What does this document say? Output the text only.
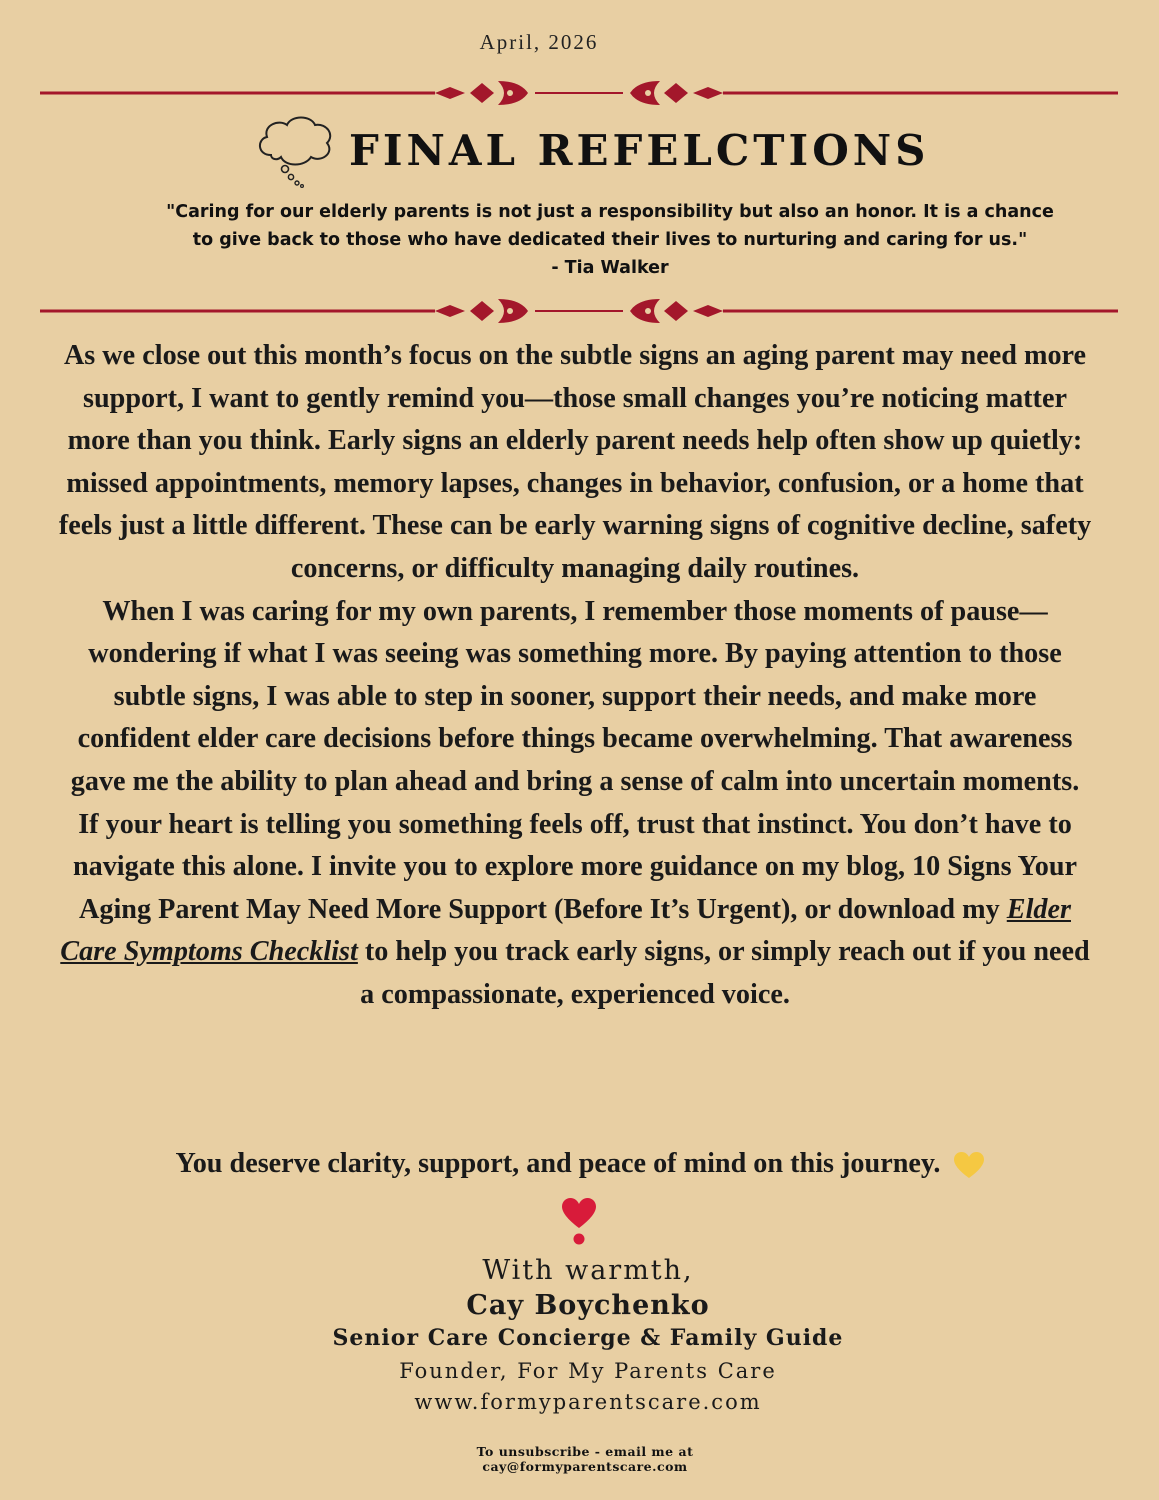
April, 2026
FINAL REFELCTIONS
"Caring for our elderly parents is not just a responsibility but also an honor. It is a chance
to give back to those who have dedicated their lives to nurturing and caring for us."
- Tia Walker

As we close out this month’s focus on the subtle signs an aging parent may need more support, I want to gently remind you—those small changes you’re noticing matter more than you think. Early signs an elderly parent needs help often show up quietly: missed appointments, memory lapses, changes in behavior, confusion, or a home that feels just a little different. These can be early warning signs of cognitive decline, safety concerns, or difficulty managing daily routines.

When I was caring for my own parents, I remember those moments of pause—wondering if what I was seeing was something more. By paying attention to those subtle signs, I was able to step in sooner, support their needs, and make more confident elder care decisions before things became overwhelming. That awareness gave me the ability to plan ahead and bring a sense of calm into uncertain moments.

If your heart is telling you something feels off, trust that instinct. You don’t have to navigate this alone. I invite you to explore more guidance on my blog, 10 Signs Your Aging Parent May Need More Support (Before It’s Urgent), or download my Elder Care Symptoms Checklist to help you track early signs, or simply reach out if you need a compassionate, experienced voice.

You deserve clarity, support, and peace of mind on this journey.
With warmth,
Cay Boychenko
Senior Care Concierge & Family Guide
Founder, For My Parents Care
www.formyparentscare.com
To unsubscribe - email me at
cay@formyparentscare.com
